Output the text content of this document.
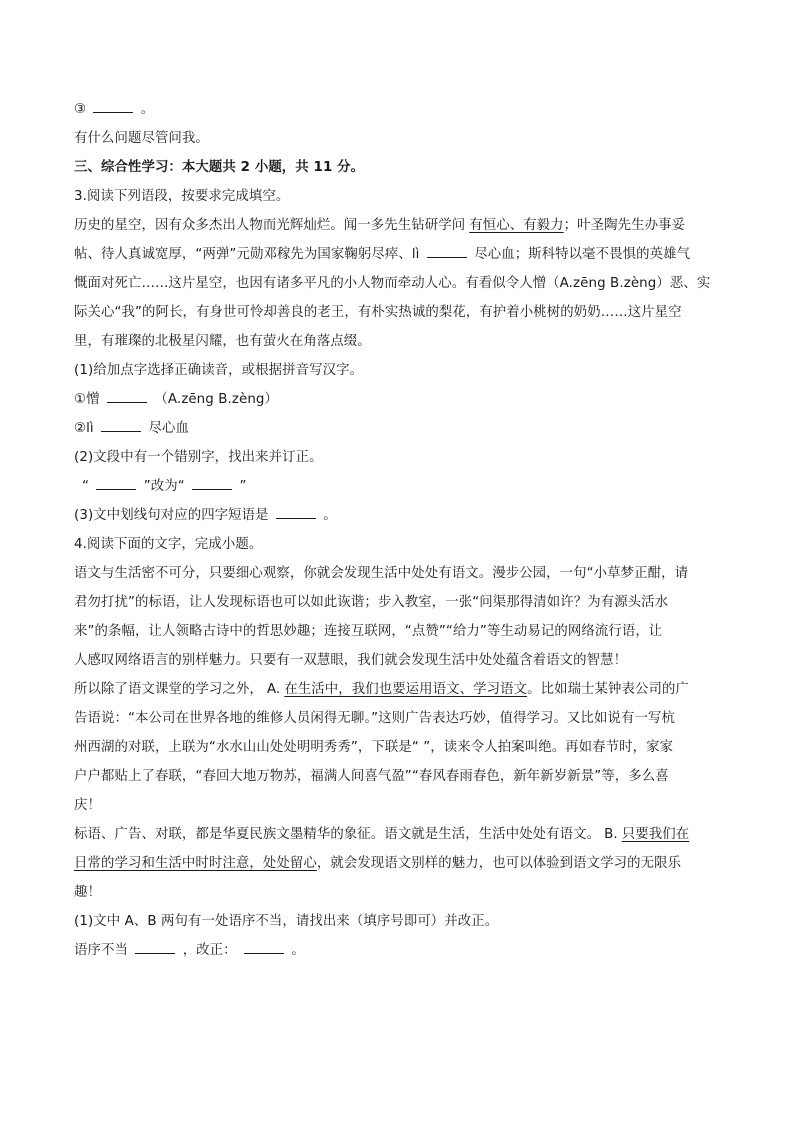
③	。
有什么问题尽管问我。
三、综合性学习：本大题共 2 小题，共 11 分。
3.阅读下列语段，按要求完成填空。
历史的星空，因有众多杰出人物而光辉灿烂。闻一多先生钻研学问 有恒心、有毅力；叶圣陶先生办事妥
帖、待人真诚宽厚，“两弹”元勋邓稼先为国家鞠躬尽瘁、lì	尽心血；斯科特以毫不畏惧的英雄气
慨面对死亡……这片星空，也因有诸多平凡的小人物而牵动人心。有看似令人憎（A.zēng B.zèng）恶、实
际关心“我”的阿长，有身世可怜却善良的老王，有朴实热诚的梨花，有护着小桃树的奶奶……这片星空
里，有璀璨的北极星闪耀，也有萤火在角落点缀。
(1)给加点字选择正确读音，或根据拼音写汉字。
①憎	（A.zēng B.zèng）
②lì	尽心血
(2)文段中有一个错别字，找出来并订正。
“	”改为“	”
(3)文中划线句对应的四字短语是	。
4.阅读下面的文字，完成小题。
语文与生活密不可分，只要细心观察，你就会发现生活中处处有语文。漫步公园，一句“小草梦正酣，请
君勿打扰”的标语，让人发现标语也可以如此诙谐；步入教室，一张“问渠那得清如许？为有源头活水
来”的条幅，让人领略古诗中的哲思妙趣；连接互联网，“点赞”“给力”等生动易记的网络流行语，让
人感叹网络语言的别样魅力。只要有一双慧眼，我们就会发现生活中处处蕴含着语文的智慧！
所以除了语文课堂的学习之外， A. 在生活中，我们也要运用语文、学习语文。比如瑞士某钟表公司的广
告语说：“本公司在世界各地的维修人员闲得无聊。”这则广告表达巧妙，值得学习。又比如说有一写杭
州西湖的对联，上联为“水水山山处处明明秀秀”，下联是“ ”，读来令人拍案叫绝。再如春节时，家家
户户都贴上了春联，“春回大地万物苏，福满人间喜气盈”“春风春雨春色，新年新岁新景”等，多么喜
庆！
标语、广告、对联，都是华夏民族文墨精华的象征。语文就是生活，生活中处处有语文。 B. 只要我们在
日常的学习和生活中时时注意，处处留心，就会发现语文别样的魅力，也可以体验到语文学习的无限乐
趣！
(1)文中 A、B 两句有一处语序不当，请找出来（填序号即可）并改正。
语序不当	，改正：	。
